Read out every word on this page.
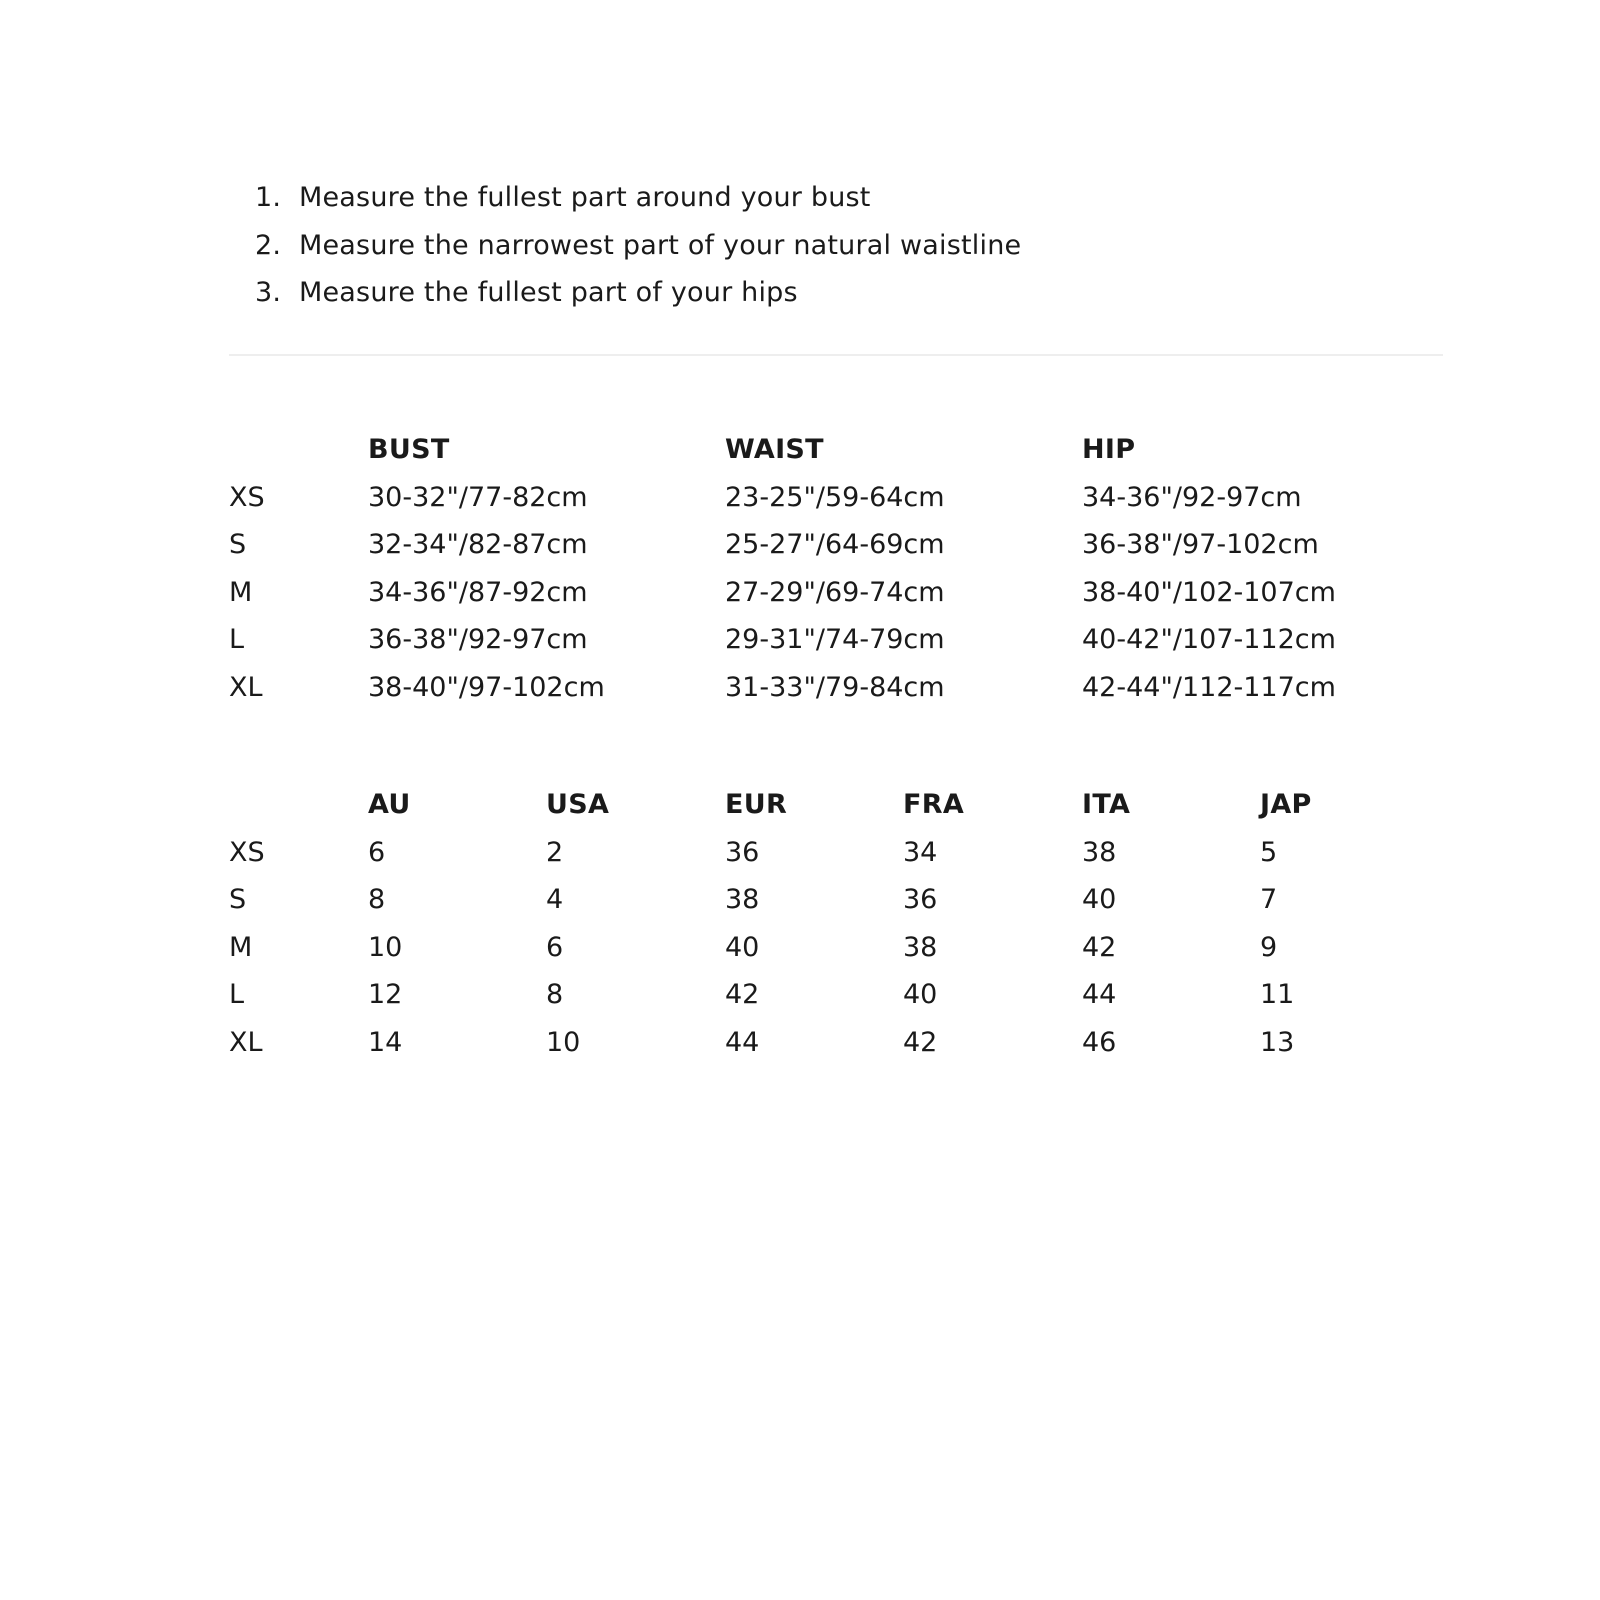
1. Measure the fullest part around your bust
2. Measure the narrowest part of your natural waistline
3. Measure the fullest part of your hips
	BUST	WAIST	HIP
XS	30-32"/77-82cm	23-25"/59-64cm	34-36"/92-97cm
S	32-34"/82-87cm	25-27"/64-69cm	36-38"/97-102cm
M	34-36"/87-92cm	27-29"/69-74cm	38-40"/102-107cm
L	36-38"/92-97cm	29-31"/74-79cm	40-42"/107-112cm
XL	38-40"/97-102cm	31-33"/79-84cm	42-44"/112-117cm
	AU	USA	EUR	FRA	ITA	JAP
XS	6	2	36	34	38	5
S	8	4	38	36	40	7
M	10	6	40	38	42	9
L	12	8	42	40	44	11
XL	14	10	44	42	46	13
